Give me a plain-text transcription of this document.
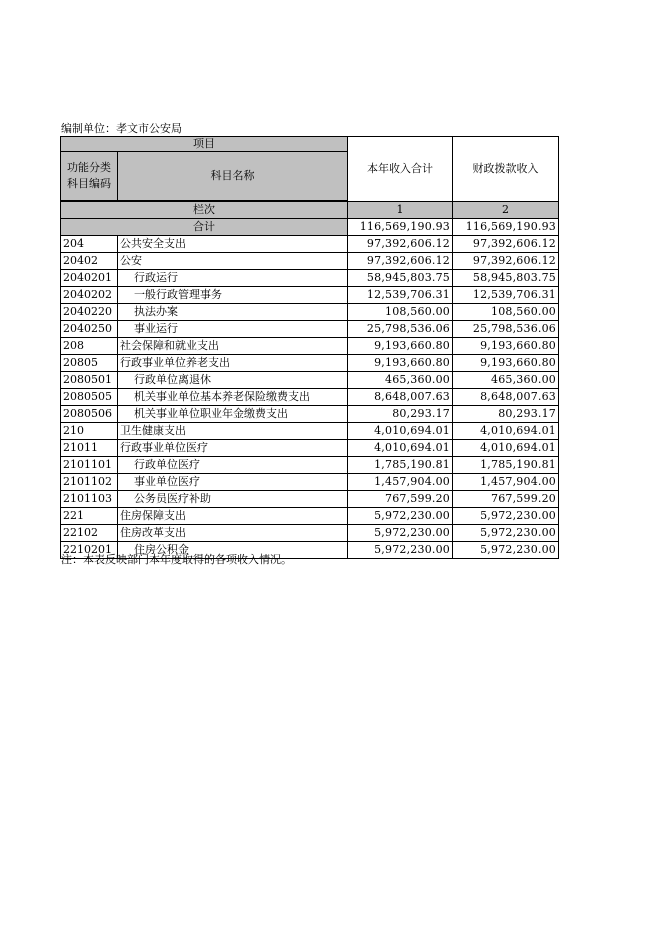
编制单位：孝文市公安局
项目		本年收入合计	财政拨款收入

功能分类
科目编码	科目名称		

栏次		1	2
合计		116,569,190.93	116,569,190.93
204	公共安全支出	97,392,606.12	97,392,606.12
20402	公安	97,392,606.12	97,392,606.12
2040201	行政运行	58,945,803.75	58,945,803.75
2040202	一般行政管理事务	12,539,706.31	12,539,706.31
2040220	执法办案	108,560.00	108,560.00
2040250	事业运行	25,798,536.06	25,798,536.06
208	社会保障和就业支出	9,193,660.80	9,193,660.80
20805	行政事业单位养老支出	9,193,660.80	9,193,660.80
2080501	行政单位离退休	465,360.00	465,360.00
2080505	机关事业单位基本养老保险缴费支出	8,648,007.63	8,648,007.63
2080506	机关事业单位职业年金缴费支出	80,293.17	80,293.17
210	卫生健康支出	4,010,694.01	4,010,694.01
21011	行政事业单位医疗	4,010,694.01	4,010,694.01
2101101	行政单位医疗	1,785,190.81	1,785,190.81
2101102	事业单位医疗	1,457,904.00	1,457,904.00
2101103	公务员医疗补助	767,599.20	767,599.20
221	住房保障支出	5,972,230.00	5,972,230.00
22102	住房改革支出	5,972,230.00	5,972,230.00
2210201	住房公积金	5,972,230.00	5,972,230.00
注：本表反映部门本年度取得的各项收入情况。
